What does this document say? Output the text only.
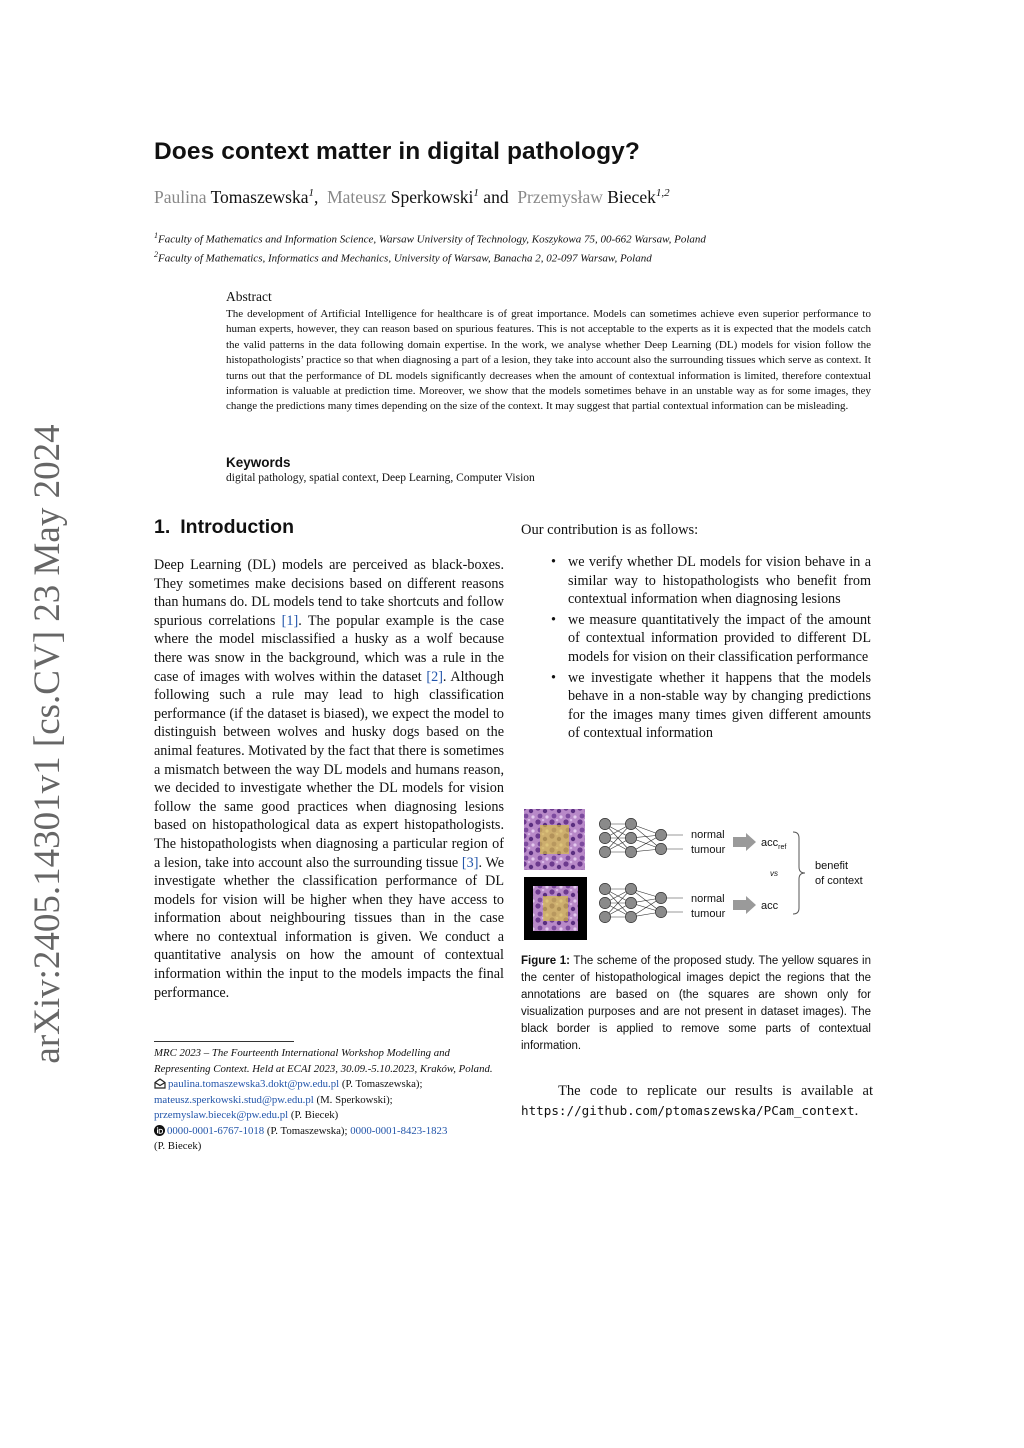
arXiv:2405.14301v1 [cs.CV] 23 May 2024
Does context matter in digital pathology?
Paulina Tomaszewska$^1$, Mateusz Sperkowski$^1$ and Przemysław Biecek$^{1,2}$
$^1$Faculty of Mathematics and Information Science, Warsaw University of Technology, Koszykowa 75, 00-662 Warsaw, Poland
$^2$Faculty of Mathematics, Informatics and Mechanics, University of Warsaw, Banacha 2, 02-097 Warsaw, Poland
Abstract
The development of Artificial Intelligence for healthcare is of great importance. Models can sometimes achieve even superior performance to human experts, however, they can reason based on spurious features. This is not acceptable to the experts as it is expected that the models catch the valid patterns in the data following domain expertise. In the work, we analyse whether Deep Learning (DL) models for vision follow the histopathologists’ practice so that when diagnosing a part of a lesion, they take into account also the surrounding tissues which serve as context. It turns out that the performance of DL models significantly decreases when the amount of contextual information is limited, therefore contextual information is valuable at prediction time. Moreover, we show that the models sometimes behave in an unstable way as for some images, they change the predictions many times depending on the size of the context. It may suggest that partial contextual information can be misleading.
Keywords
digital pathology, spatial context, Deep Learning, Computer Vision
1. Introduction
Deep Learning (DL) models are perceived as black-boxes. They sometimes make decisions based on different reasons than humans do. DL models tend to take shortcuts and follow spurious correlations [1]. The popular example is the case where the model misclassified a husky as a wolf because there was snow in the background, which was a rule in the case of images with wolves within the dataset [2]. Although following such a rule may lead to high classification performance (if the dataset is biased), we expect the model to distinguish between wolves and husky dogs based on the animal features. Motivated by the fact that there is sometimes a mismatch between the way DL models and humans reason, we decided to investigate whether the DL models for vision follow the same good practices when diagnosing lesions based on histopathological data as expert histopathologists. The histopathologists when diagnosing a particular region of a lesion, take into account also the surrounding tissue [3]. We investigate whether the classification performance of DL models for vision will be higher when they have access to information about neighbouring tissues than in the case where no contextual information is given. We conduct a quantitative analysis on how the amount of contextual information within the input to the models impacts the final performance.
MRC 2023 – The Fourteenth International Workshop Modelling and Representing Context. Held at ECAI 2023, 30.09.-5.10.2023, Kraków, Poland.
paulina.tomaszewska3.dokt@pw.edu.pl (P. Tomaszewska);
mateusz.sperkowski.stud@pw.edu.pl (M. Sperkowski);
przemyslaw.biecek@pw.edu.pl (P. Biecek)
0000-0001-6767-1018 (P. Tomaszewska); 0000-0001-8423-1823
(P. Biecek)
Our contribution is as follows:
• we verify whether DL models for vision behave in a similar way to histopathologists who benefit from contextual information when diagnosing lesions
• we measure quantitatively the impact of the amount of contextual information provided to different DL models for vision on their classification performance
• we investigate whether it happens that the models behave in a non-stable way by changing predictions for the images many times given different amounts of contextual information
normal
tumour
normal
tumour
acc$_{ref}$
acc
vs
benefit
of context
Figure 1: The scheme of the proposed study. The yellow squares in the center of histopathological images depict the regions that the annotations are based on (the squares are shown only for visualization purposes and are not present in dataset images). The black border is applied to remove some parts of contextual information.
The code to replicate our results is available at https://github.com/ptomaszewska/PCam_context.
